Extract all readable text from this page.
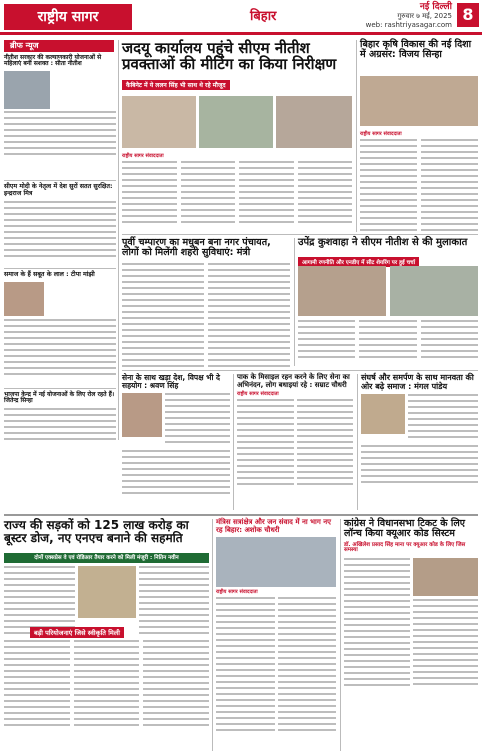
राष्ट्रीय सागर	बिहार
नई दिल्ली
गुरुवार ७ मई, 2025
web: rashtriyasagar.com
8
ब्रीफ न्यूज
नीतीश सरकार की कल्याणकारी योजनाओं से महिलाएं बनीं सशक्त : सीता नीतीश
सीएम मोदी के नेतृत्व में देश सुरों सतत सुरक्षित: इन्द्रराज मित्र
समाज के हैं सबूत के लाल : टीपा मांझी
भाजपा केन्द्र में नई योजनाओं के लिए रोल रहते हैं। जितेन्द्र सिन्हा
जदयू कार्यालय पहुंचे सीएम नीतीश प्रवक्ताओं की मीटिंग का किया निरीक्षण
कैबिनेट में ये ललन सिंह भी साथ थे रहे मौजूद
राष्ट्रीय सागर संवाददाता
बिहार कृषि विकास की नई दिशा में अग्रसर: विजय सिन्हा
राष्ट्रीय सागर संवाददाता
पूर्वी चम्पारण का मधुबन बना नगर पंचायत, लोगों को मिलेंगी शहरी सुविधाएं: मंत्री
उपेंद्र कुशवाहा ने सीएम नीतीश से की मुलाकात
आगामी रणनीति और एनडीए में सीट शेयरिंग पर हुई चर्चा
सेना के साथ खड़ा देश, विपक्ष भी दे सहयोग : श्रवण सिंह
पाक के मिसाइल रहन करने के लिए सेना का अभिनंदन, लोग बधाइयां रहे : सम्राट चौधरी
राष्ट्रीय सागर संवाददाता
संघर्ष और समर्पण के साथ मानवता की ओर बढ़े समाज : मंगल पांडेय
राज्य की सड़कों को 125 लाख करोड़ का बूस्टर डोज, नए एनएच बनाने की सहमति
दोनों एक्सप्रेस वे एवं रोडिआर तैयार करने को मिली मंजूरी : नितिन नवीन
बड़ी परियोजनाएं जिसे स्वीकृति मिली
मंत्रिस सत्रांक्षेत्र और जन संवाद में ना भाग नए रह बिहार: अशोक चौधरी
राष्ट्रीय सागर संवाददाता
कांग्रेस ने विधानसभा टिकट के लिए लॉन्च किया क्यूआर कोड सिस्टम
डॉ. अखिलेश प्रसाद सिंह माना पर क्यूआर कोड के लिए जिस समस्या
